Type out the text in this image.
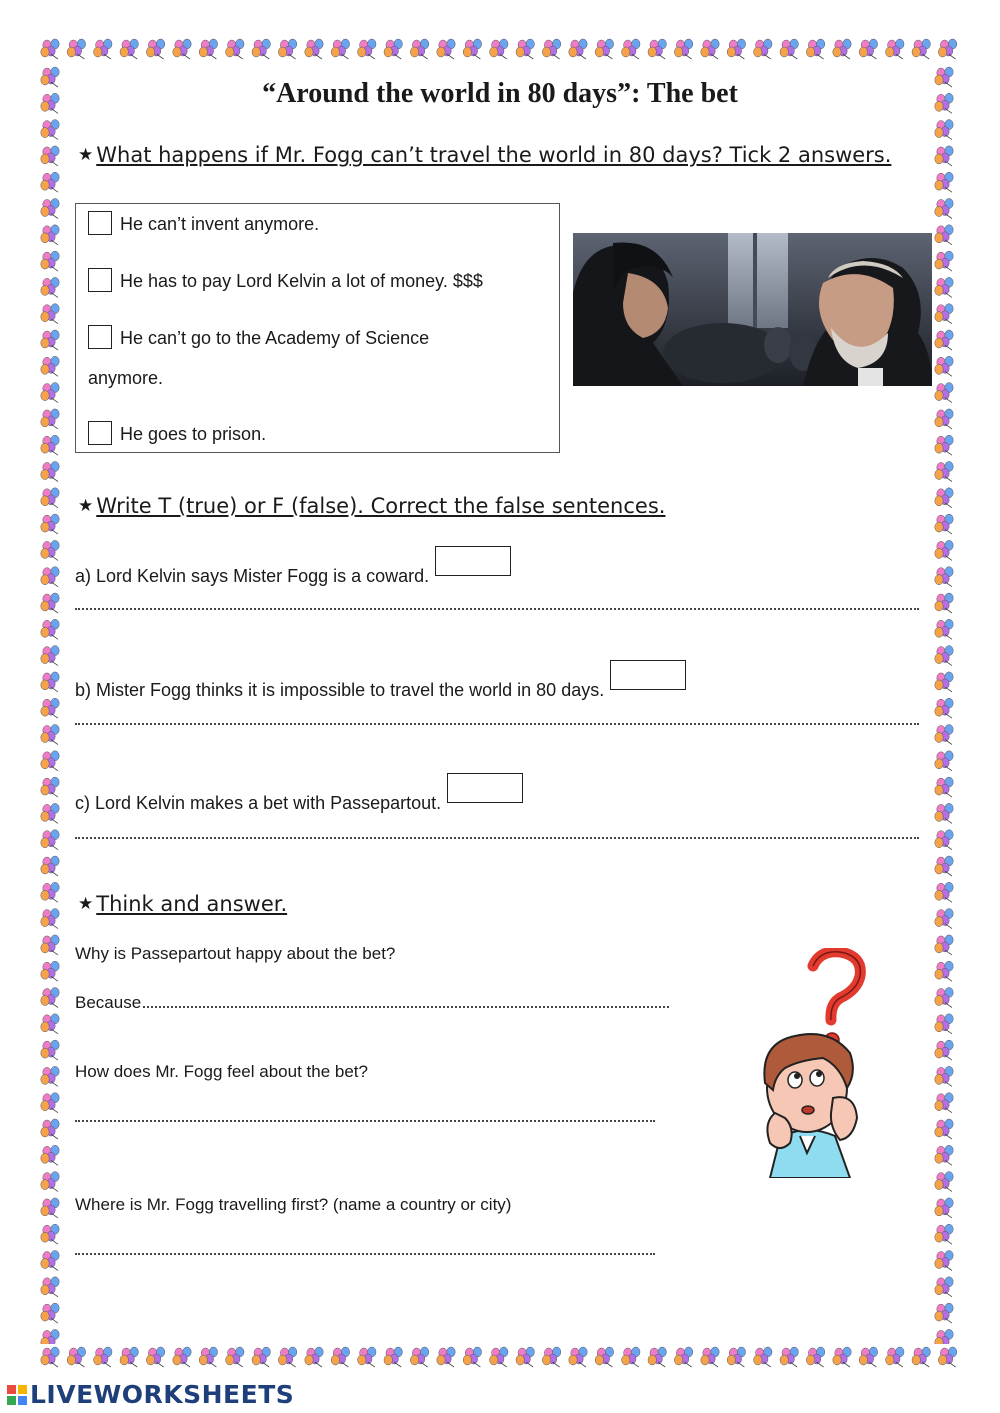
“Around the world in 80 days”: The bet
★ What happens if Mr. Fogg can’t travel the world in 80 days? Tick 2 answers.
He can’t invent anymore.
He has to pay Lord Kelvin a lot of money. $$$
He can’t go to the Academy of Science
anymore.
He goes to prison.
★ Write T (true) or F (false). Correct the false sentences.
a) Lord Kelvin says Mister Fogg is a coward.
b) Mister Fogg thinks it is impossible to travel the world in 80 days.
c) Lord Kelvin makes a bet with Passepartout.
★ Think and answer.
Why is Passepartout happy about the bet?
Because
How does Mr. Fogg feel about the bet?
Where is Mr. Fogg travelling first? (name a country or city)
LIVEWORKSHEETS
